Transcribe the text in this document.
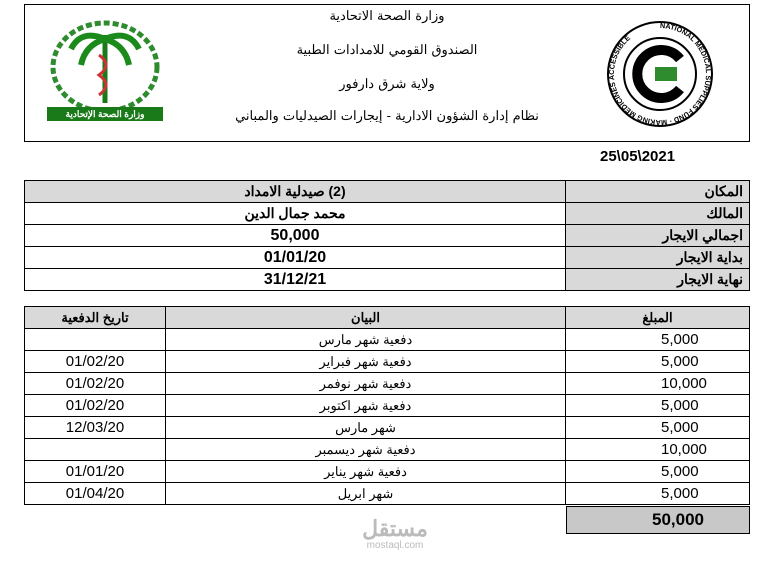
وزارة الصحة الإتحادية
وزارة الصحة الاتحادية
الصندوق القومي للامدادات الطبية
ولاية شرق دارفور
نظام إدارة الشؤون الادارية - إيجارات الصيدليات والمباني
NATIONAL MEDICAL SUPPLIES FUND · MAKING MEDICINES ACCESSIBLE
25\05\2021
المكان	(2) صيدلية الامداد
المالك	محمد جمال الدين
اجمالي الايجار	50,000
بداية الايجار	01/01/20
نهاية الايجار	31/12/21
المبلغ	البيان	تاريخ الدفعية
5,000	دفعية شهر مارس	
5,000	دفعية شهر فبراير	01/02/20
10,000	دفعية شهر نوفمر	01/02/20
5,000	دفعية شهر اكتوبر	01/02/20
5,000	شهر مارس	12/03/20
10,000	دفعية شهر ديسمبر	
5,000	دفعية شهر يناير	01/01/20
5,000	شهر ابريل	01/04/20
50,000
مستقل
mostaql.com
